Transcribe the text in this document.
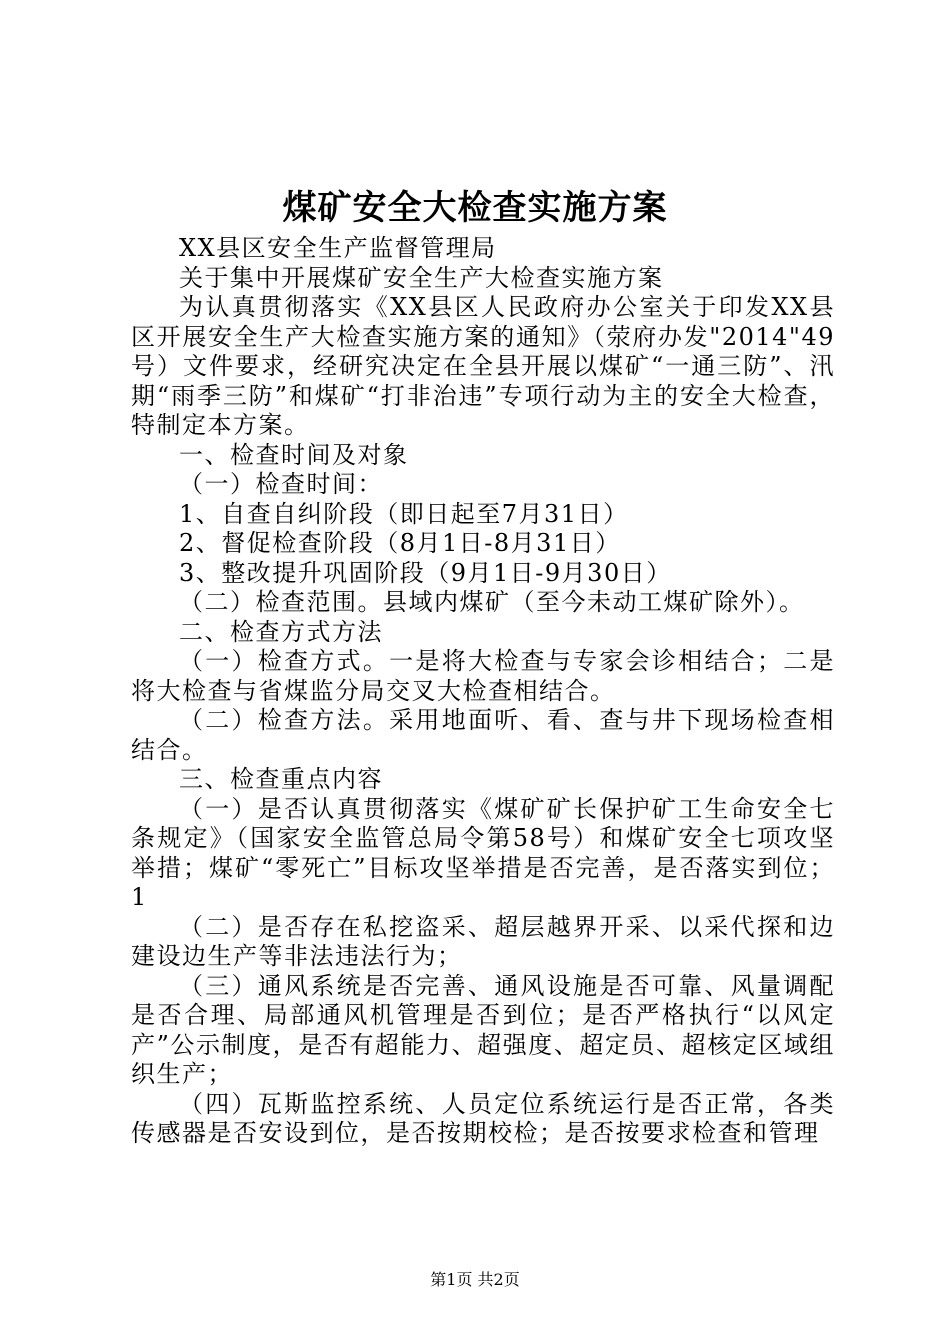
煤矿安全大检查实施方案

XX县区安全生产监督管理局

关于集中开展煤矿安全生产大检查实施方案

为认真贯彻落实《XX县区人民政府办公室关于印发XX县区开展安全生产大检查实施方案的通知》（荥府办发"2014"49号）文件要求，经研究决定在全县开展以煤矿“一通三防”、汛期“雨季三防”和煤矿“打非治违”专项行动为主的安全大检查，特制定本方案。

一、检查时间及对象

（一）检查时间：

1、自查自纠阶段（即日起至7月31日）

2、督促检查阶段（8月1日-8月31日）

3、整改提升巩固阶段（9月1日-9月30日）

（二）检查范围。县域内煤矿（至今未动工煤矿除外）。

二、检查方式方法

（一）检查方式。一是将大检查与专家会诊相结合；二是将大检查与省煤监分局交叉大检查相结合。

（二）检查方法。采用地面听、看、查与井下现场检查相结合。

三、检查重点内容

（一）是否认真贯彻落实《煤矿矿长保护矿工生命安全七条规定》（国家安全监管总局令第58号）和煤矿安全七项攻坚举措；煤矿“零死亡”目标攻坚举措是否完善，是否落实到位；1

（二）是否存在私挖盗采、超层越界开采、以采代探和边建设边生产等非法违法行为；

（三）通风系统是否完善、通风设施是否可靠、风量调配是否合理、局部通风机管理是否到位；是否严格执行“以风定产”公示制度，是否有超能力、超强度、超定员、超核定区域组织生产；

（四）瓦斯监控系统、人员定位系统运行是否正常，各类传感器是否安设到位，是否按期校检；是否按要求检查和管理

第1页 共2页
